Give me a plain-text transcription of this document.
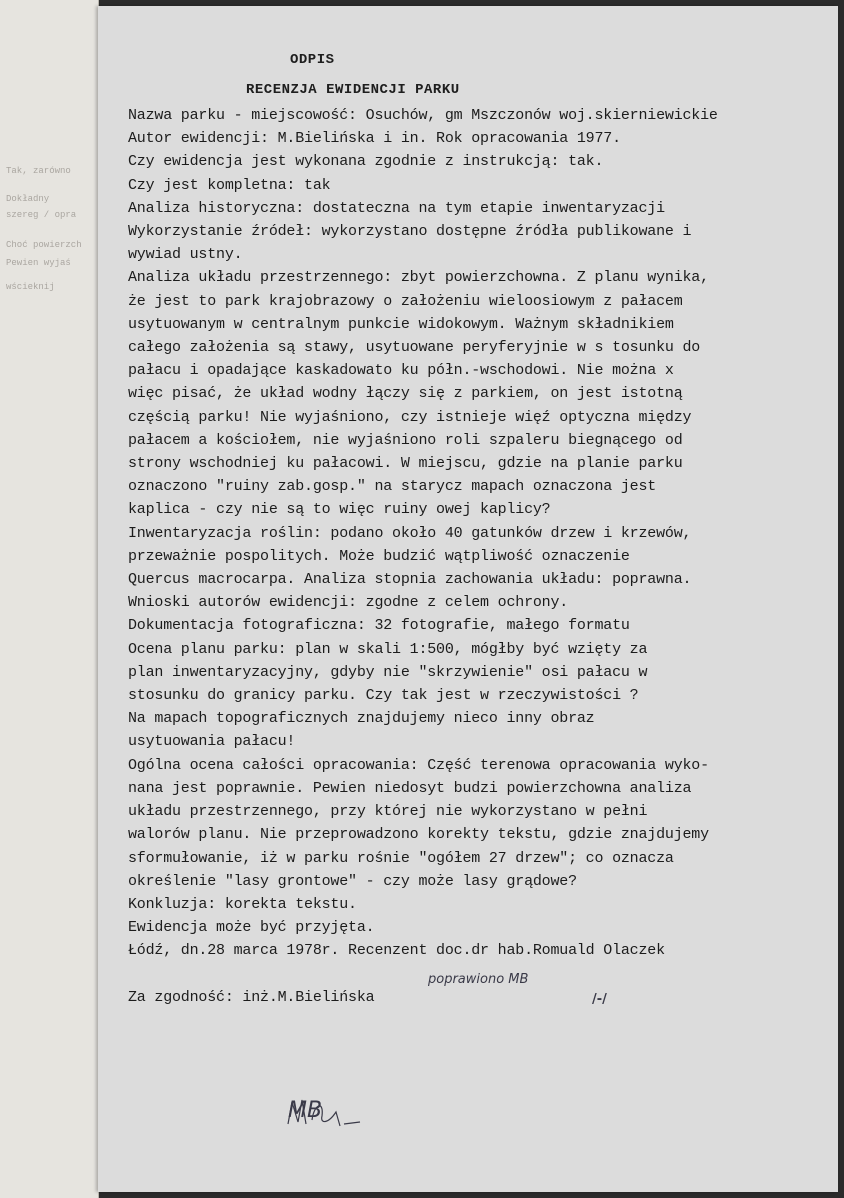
Tak, zarówno
Dokładny
szereg / opra
Choć powierzch
Pewien wyjaś
wścieknij
ODPIS
RECENZJA EWIDENCJI PARKU
Nazwa parku - miejscowość: Osuchów, gm Mszczonów woj.skierniewickie
Autor ewidencji: M.Bielińska i in. Rok opracowania 1977.
Czy ewidencja jest wykonana zgodnie z instrukcją: tak.
Czy jest kompletna: tak
Analiza historyczna: dostateczna na tym etapie inwentaryzacji
Wykorzystanie źródeł: wykorzystano dostępne źródła publikowane i
wywiad ustny.
Analiza układu przestrzennego: zbyt powierzchowna. Z planu wynika,
że jest to park krajobrazowy o założeniu wieloosiowym z pałacem
usytuowanym w centralnym punkcie widokowym. Ważnym składnikiem
całego założenia są stawy, usytuowane peryferyjnie w s tosunku do
pałacu i opadające kaskadowato ku półn.-wschodowi. Nie można x
więc pisać, że układ wodny łączy się z parkiem, on jest istotną
częścią parku! Nie wyjaśniono, czy istnieje więź optyczna między
pałacem a kościołem, nie wyjaśniono roli szpaleru biegnącego od
strony wschodniej ku pałacowi. W miejscu, gdzie na planie parku
oznaczono "ruiny zab.gosp." na starycz mapach oznaczona jest
kaplica - czy nie są to więc ruiny owej kaplicy?
Inwentaryzacja roślin: podano około 40 gatunków drzew i krzewów,
przeważnie pospolitych. Może budzić wątpliwość oznaczenie
Quercus macrocarpa. Analiza stopnia zachowania układu: poprawna.
Wnioski autorów ewidencji: zgodne z celem ochrony.
Dokumentacja fotograficzna: 32 fotografie, małego formatu
Ocena planu parku: plan w skali 1:500, mógłby być wzięty za
plan inwentaryzacyjny, gdyby nie "skrzywienie" osi pałacu w
stosunku do granicy parku. Czy tak jest w rzeczywistości ?
Na mapach topograficznych znajdujemy nieco inny obraz
usytuowania pałacu!
Ogólna ocena całości opracowania: Część terenowa opracowania wyko-
nana jest poprawnie. Pewien niedosyt budzi powierzchowna analiza
układu przestrzennego, przy której nie wykorzystano w pełni
walorów planu. Nie przeprowadzono korekty tekstu, gdzie znajdujemy
sformułowanie, iż w parku rośnie "ogółem 27 drzew"; co oznacza
określenie "lasy grontowe" - czy może lasy grądowe?
Konkluzja: korekta tekstu.
Ewidencja może być przyjęta.
Łódź, dn.28 marca 1978r. Recenzent doc.dr hab.Romuald Olaczek
Za zgodność: inż.M.Bielińska
poprawiono MB
/-/
MB
